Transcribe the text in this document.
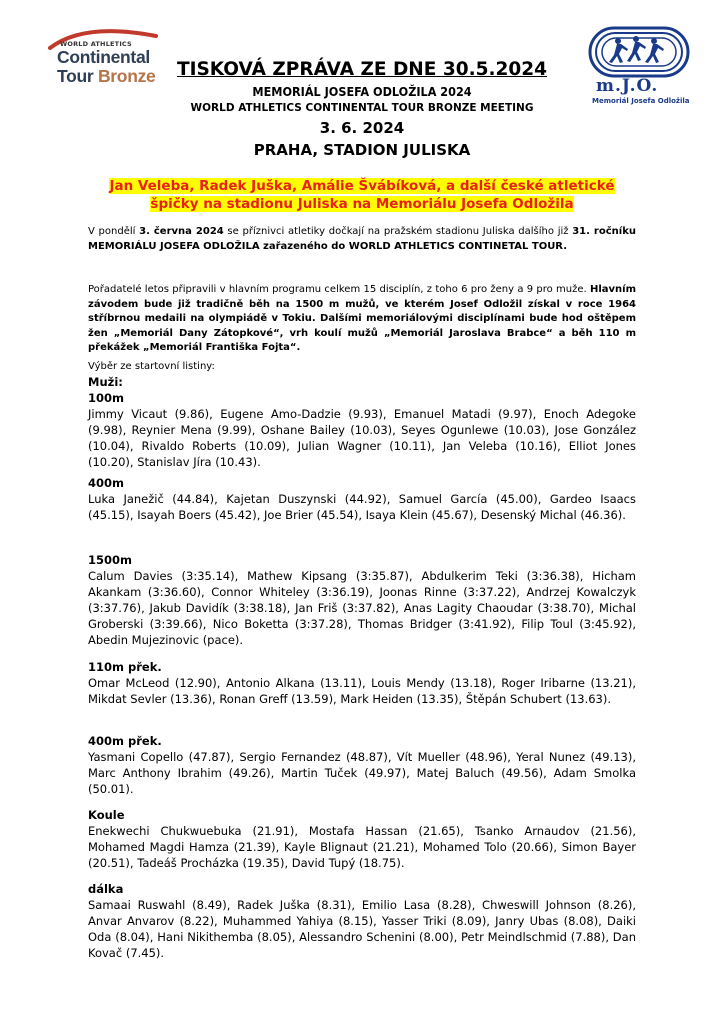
WORLD ATHLETICS
Continental
Tour Bronze	m.J.O.
Memoriál Josefa Odložila
TISKOVÁ ZPRÁVA ZE DNE 30.5.2024
MEMORIÁL JOSEFA ODLOŽILA 2024
WORLD ATHLETICS CONTINENTAL TOUR BRONZE MEETING
3. 6. 2024
PRAHA, STADION JULISKA
Jan Veleba, Radek Juška, Amálie Švábíková, a další české atletické
špičky na stadionu Juliska na Memoriálu Josefa Odložila
V pondělí 3. června 2024 se příznivci atletiky dočkají na pražském stadionu Juliska dalšího již 31. ročníku MEMORIÁLU JOSEFA ODLOŽILA zařazeného do WORLD ATHLETICS CONTINETAL TOUR.
Pořadatelé letos připravili v hlavním programu celkem 15 disciplín, z toho 6 pro ženy a 9 pro muže. Hlavním závodem bude již tradičně běh na 1500 m mužů, ve kterém Josef Odložil získal v roce 1964 stříbrnou medaili na olympiádě v Tokiu. Dalšími memoriálovými disciplínami bude hod oštěpem žen „Memoriál Dany Zátopkové“, vrh koulí mužů „Memoriál Jaroslava Brabce“ a běh 110 m překážek „Memoriál Františka Fojta“.
Výběr ze startovní listiny:
Muži:
100m
Jimmy Vicaut (9.86), Eugene Amo-Dadzie (9.93), Emanuel Matadi (9.97), Enoch Adegoke (9.98), Reynier Mena (9.99), Oshane Bailey (10.03), Seyes Ogunlewe (10.03), Jose González (10.04), Rivaldo Roberts (10.09), Julian Wagner (10.11), Jan Veleba (10.16), Elliot Jones (10.20), Stanislav Jíra (10.43).
400m
Luka Janežič (44.84), Kajetan Duszynski (44.92), Samuel García (45.00), Gardeo Isaacs (45.15), Isayah Boers (45.42), Joe Brier (45.54), Isaya Klein (45.67), Desenský Michal (46.36).
1500m
Calum Davies (3:35.14), Mathew Kipsang (3:35.87), Abdulkerim Teki (3:36.38), Hicham Akankam (3:36.60), Connor Whiteley (3:36.19), Joonas Rinne (3:37.22), Andrzej Kowalczyk (3:37.76), Jakub Davidík (3:38.18), Jan Friš (3:37.82), Anas Lagity Chaoudar (3:38.70), Michal Groberski (3:39.66), Nico Boketta (3:37.28), Thomas Bridger (3:41.92), Filip Toul (3:45.92), Abedin Mujezinovic (pace).
110m přek.
Omar McLeod (12.90), Antonio Alkana (13.11), Louis Mendy (13.18), Roger Iribarne (13.21), Mikdat Sevler (13.36), Ronan Greff (13.59), Mark Heiden (13.35), Štěpán Schubert (13.63).
400m přek.
Yasmani Copello (47.87), Sergio Fernandez (48.87), Vít Mueller (48.96), Yeral Nunez (49.13), Marc Anthony Ibrahim (49.26), Martin Tuček (49.97), Matej Baluch (49.56), Adam Smolka (50.01).
Koule
Enekwechi Chukwuebuka (21.91), Mostafa Hassan (21.65), Tsanko Arnaudov (21.56), Mohamed Magdi Hamza (21.39), Kayle Blignaut (21.21), Mohamed Tolo (20.66), Simon Bayer (20.51), Tadeáš Procházka (19.35), David Tupý (18.75).
dálka
Samaai Ruswahl (8.49), Radek Juška (8.31), Emilio Lasa (8.28), Chweswill Johnson (8.26), Anvar Anvarov (8.22), Muhammed Yahiya (8.15), Yasser Triki (8.09), Janry Ubas (8.08), Daiki Oda (8.04), Hani Nikithemba (8.05), Alessandro Schenini (8.00), Petr Meindlschmid (7.88), Dan Kovač (7.45).
